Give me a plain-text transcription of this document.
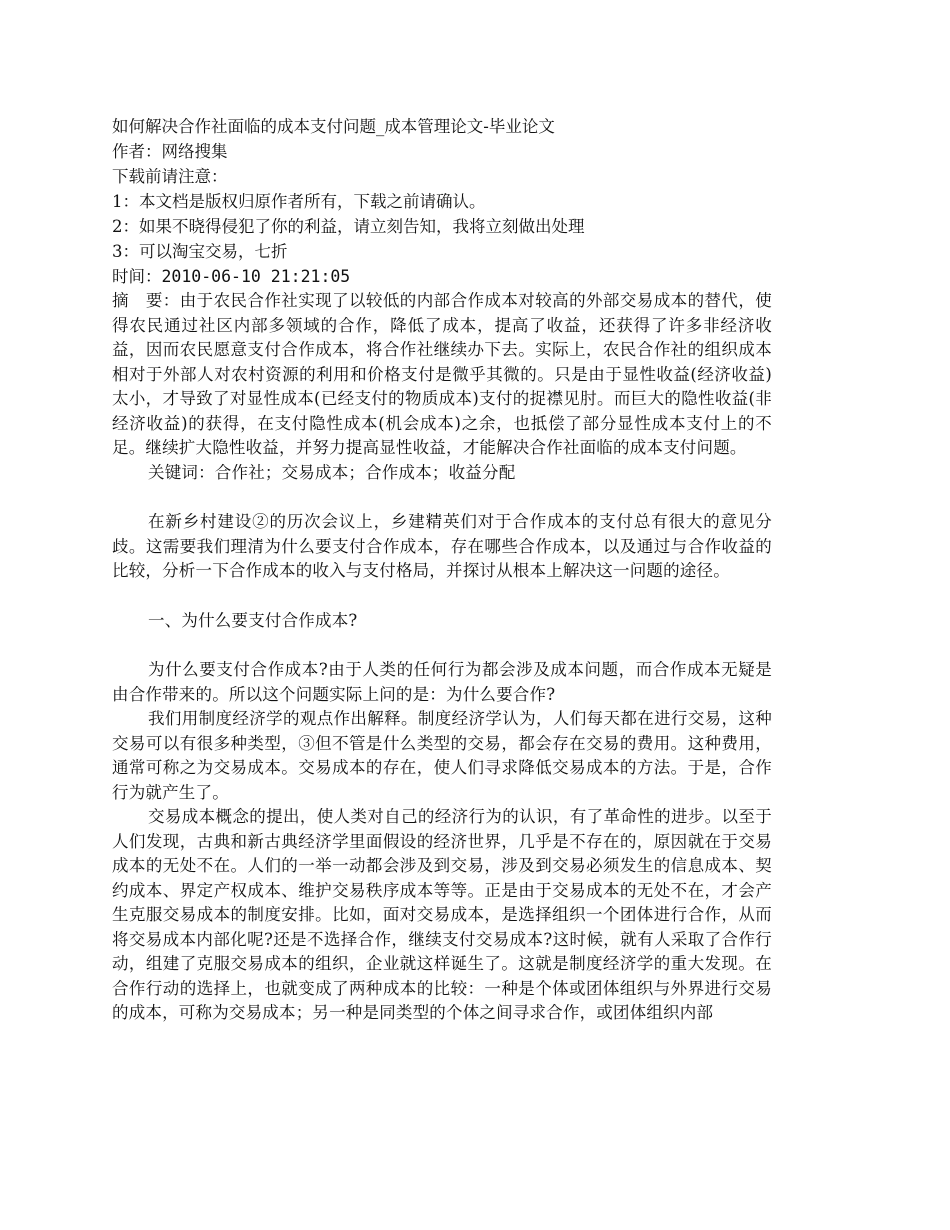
如何解决合作社面临的成本支付问题_成本管理论文-毕业论文

作者：网络搜集

下载前请注意：

1：本文档是版权归原作者所有，下载之前请确认。

2：如果不晓得侵犯了你的利益，请立刻告知，我将立刻做出处理

3：可以淘宝交易，七折

时间：2010-06-10 21:21:05

摘　要：由于农民合作社实现了以较低的内部合作成本对较高的外部交易成本的替代，使得农民通过社区内部多领域的合作，降低了成本，提高了收益，还获得了许多非经济收益，因而农民愿意支付合作成本，将合作社继续办下去。实际上，农民合作社的组织成本相对于外部人对农村资源的利用和价格支付是微乎其微的。只是由于显性收益(经济收益)太小，才导致了对显性成本(已经支付的物质成本)支付的捉襟见肘。而巨大的隐性收益(非经济收益)的获得，在支付隐性成本(机会成本)之余，也抵偿了部分显性成本支付上的不足。继续扩大隐性收益，并努力提高显性收益，才能解决合作社面临的成本支付问题。

关键词：合作社；交易成本；合作成本；收益分配

在新乡村建设②的历次会议上，乡建精英们对于合作成本的支付总有很大的意见分歧。这需要我们理清为什么要支付合作成本，存在哪些合作成本，以及通过与合作收益的比较，分析一下合作成本的收入与支付格局，并探讨从根本上解决这一问题的途径。

一、为什么要支付合作成本?

为什么要支付合作成本?由于人类的任何行为都会涉及成本问题，而合作成本无疑是由合作带来的。所以这个问题实际上问的是：为什么要合作?

我们用制度经济学的观点作出解释。制度经济学认为，人们每天都在进行交易，这种交易可以有很多种类型，③但不管是什么类型的交易，都会存在交易的费用。这种费用，通常可称之为交易成本。交易成本的存在，使人们寻求降低交易成本的方法。于是，合作行为就产生了。

交易成本概念的提出，使人类对自己的经济行为的认识，有了革命性的进步。以至于人们发现，古典和新古典经济学里面假设的经济世界，几乎是不存在的，原因就在于交易成本的无处不在。人们的一举一动都会涉及到交易，涉及到交易必须发生的信息成本、契约成本、界定产权成本、维护交易秩序成本等等。正是由于交易成本的无处不在，才会产生克服交易成本的制度安排。比如，面对交易成本，是选择组织一个团体进行合作，从而将交易成本内部化呢?还是不选择合作，继续支付交易成本?这时候，就有人采取了合作行动，组建了克服交易成本的组织，企业就这样诞生了。这就是制度经济学的重大发现。在合作行动的选择上，也就变成了两种成本的比较：一种是个体或团体组织与外界进行交易的成本，可称为交易成本；另一种是同类型的个体之间寻求合作，或团体组织内部
